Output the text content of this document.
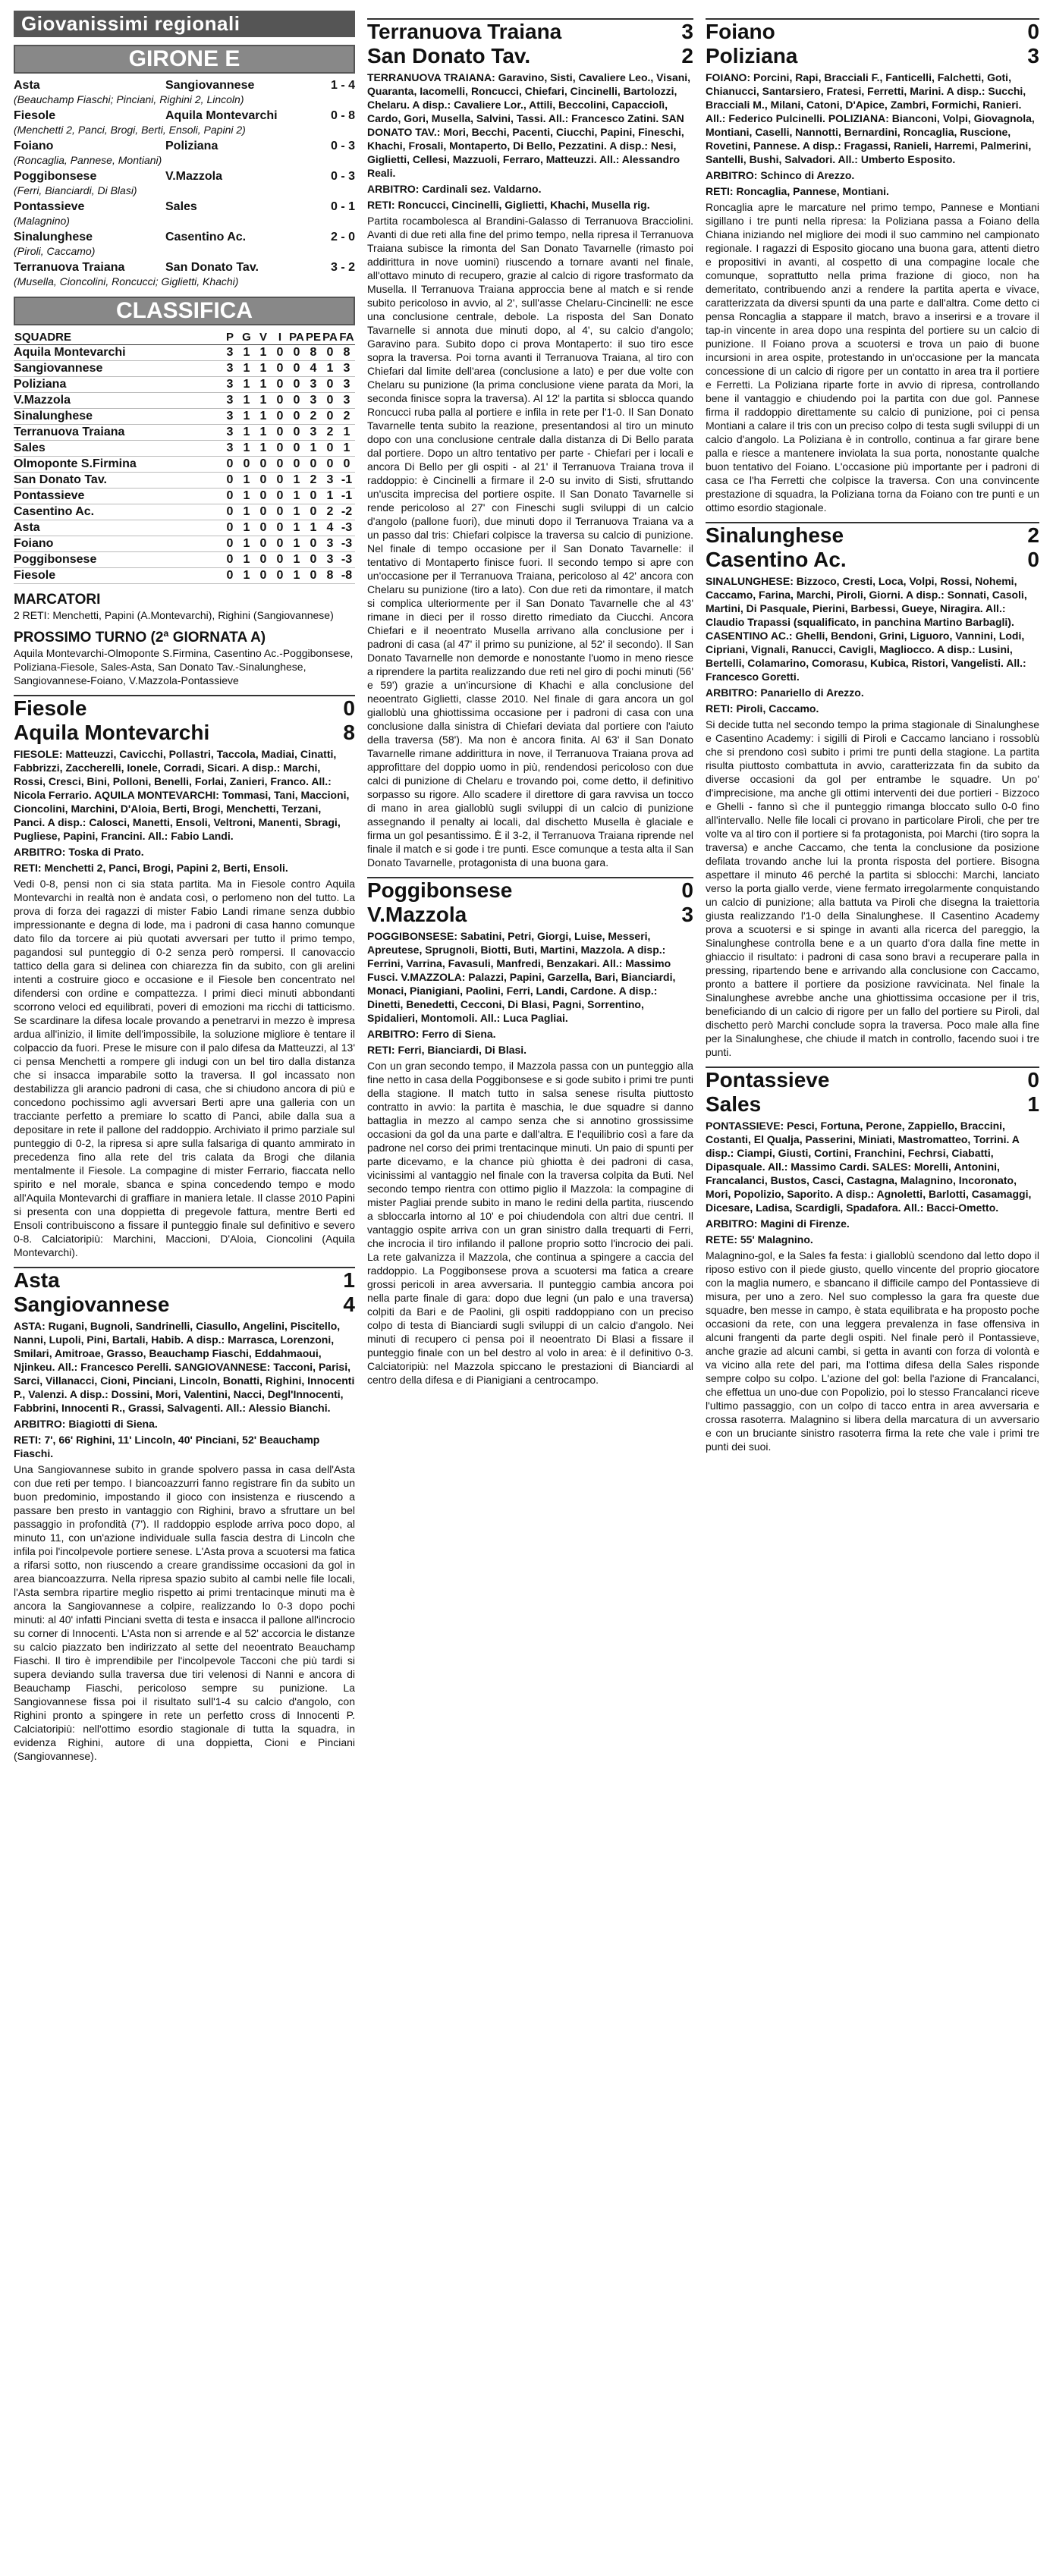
Giovanissimi regionali
GIRONE E
Asta	Sangiovannese	1 - 4
(Beauchamp Fiaschi; Pinciani, Righini 2, Lincoln)
Fiesole	Aquila Montevarchi	0 - 8
(Menchetti 2, Panci, Brogi, Berti, Ensoli, Papini 2)
Foiano	Poliziana	0 - 3
(Roncaglia, Pannese, Montiani)
Poggibonsese	V.Mazzola	0 - 3
(Ferri, Bianciardi, Di Blasi)
Pontassieve	Sales	0 - 1
(Malagnino)
Sinalunghese	Casentino Ac.	2 - 0
(Piroli, Caccamo)
Terranuova Traiana	San Donato Tav.	3 - 2
(Musella, Cioncolini, Roncucci; Giglietti, Khachi)
CLASSIFICA
SQUADRE	P	G	V	I	PA	PE	PA	FA
Aquila Montevarchi	3	1	1	0	0	8	0	8
Sangiovannese	3	1	1	0	0	4	1	3
Poliziana	3	1	1	0	0	3	0	3
V.Mazzola	3	1	1	0	0	3	0	3
Sinalunghese	3	1	1	0	0	2	0	2
Terranuova Traiana	3	1	1	0	0	3	2	1
Sales	3	1	1	0	0	1	0	1
Olmoponte S.Firmina	0	0	0	0	0	0	0	0
San Donato Tav.	0	1	0	0	1	2	3	-1
Pontassieve	0	1	0	0	1	0	1	-1
Casentino Ac.	0	1	0	0	1	0	2	-2
Asta	0	1	0	0	1	1	4	-3
Foiano	0	1	0	0	1	0	3	-3
Poggibonsese	0	1	0	0	1	0	3	-3
Fiesole	0	1	0	0	1	0	8	-8
MARCATORI
2 RETI: Menchetti, Papini (A.Montevarchi), Righini (Sangiovannese)
PROSSIMO TURNO (2ª GIORNATA A)
Aquila Montevarchi-Olmoponte S.Firmina, Casentino Ac.-Poggibonsese, Poliziana-Fiesole, Sales-Asta, San Donato Tav.-Sinalunghese, Sangiovannese-Foiano, V.Mazzola-Pontassieve
Fiesole	0
Aquila Montevarchi	8
FIESOLE: Matteuzzi, Cavicchi, Pollastri, Taccola, Madiai, Cinatti, Fabbrizzi, Zaccherelli, Ionele, Corradi, Sicari. A disp.: Marchi, Rossi, Cresci, Bini, Polloni, Benelli, Forlai, Zanieri, Franco. All.: Nicola Ferrario. AQUILA MONTEVARCHI: Tommasi, Tani, Maccioni, Cioncolini, Marchini, D'Aloia, Berti, Brogi, Menchetti, Terzani, Panci. A disp.: Calosci, Manetti, Ensoli, Veltroni, Manenti, Sbragi, Pugliese, Papini, Francini. All.: Fabio Landi.
ARBITRO: Toska di Prato.
RETI: Menchetti 2, Panci, Brogi, Papini 2, Berti, Ensoli.
Vedi 0-8, pensi non ci sia stata partita. Ma in Fiesole contro Aquila Montevarchi in realtà non è andata così, o perlomeno non del tutto. La prova di forza dei ragazzi di mister Fabio Landi rimane senza dubbio impressionante e degna di lode, ma i padroni di casa hanno comunque dato filo da torcere ai più quotati avversari per tutto il primo tempo, pagandosi sul punteggio di 0-2 senza però rompersi. Il canovaccio tattico della gara si delinea con chiarezza fin da subito, con gli arelini intenti a costruire gioco e occasione e il Fiesole ben concentrato nel difendersi con ordine e compattezza. I primi dieci minuti abbondanti scorrono veloci ed equilibrati, poveri di emozioni ma ricchi di tatticismo. Se scardinare la difesa locale provando a penetrarvi in mezzo è impresa ardua all'inizio, il limite dell'impossibile, la soluzione migliore è tentare il colpaccio da fuori. Prese le misure con il palo difesa da Matteuzzi, al 13' ci pensa Menchetti a rompere gli indugi con un bel tiro dalla distanza che si insacca imparabile sotto la traversa. Il gol incassato non destabilizza gli arancio padroni di casa, che si chiudono ancora di più e concedono pochissimo agli avversari Berti apre una galleria con un tracciante perfetto a premiare lo scatto di Panci, abile dalla sua a depositare in rete il pallone del raddoppio. Archiviato il primo parziale sul punteggio di 0-2, la ripresa si apre sulla falsariga di quanto ammirato in precedenza fino alla rete del tris calata da Brogi che dilania mentalmente il Fiesole. La compagine di mister Ferrario, fiaccata nello spirito e nel morale, sbanca e spina concedendo tempo e modo all'Aquila Montevarchi di graffiare in maniera letale. Il classe 2010 Papini si presenta con una doppietta di pregevole fattura, mentre Berti ed Ensoli contribuiscono a fissare il punteggio finale sul definitivo e severo 0-8. Calciatoripiù: Marchini, Maccioni, D'Aloia, Cioncolini (Aquila Montevarchi).
Asta	1
Sangiovannese	4
ASTA: Rugani, Bugnoli, Sandrinelli, Ciasullo, Angelini, Piscitello, Nanni, Lupoli, Pini, Bartali, Habib. A disp.: Marrasca, Lorenzoni, Smilari, Amitroae, Grasso, Beauchamp Fiaschi, Eddahmaoui, Njinkeu. All.: Francesco Perelli. SANGIOVANNESE: Tacconi, Parisi, Sarci, Villanacci, Cioni, Pinciani, Lincoln, Bonatti, Righini, Innocenti P., Valenzi. A disp.: Dossini, Mori, Valentini, Nacci, Degl'Innocenti, Fabbrini, Innocenti R., Grassi, Salvagenti. All.: Alessio Bianchi.
ARBITRO: Biagiotti di Siena.
RETI: 7', 66' Righini, 11' Lincoln, 40' Pinciani, 52' Beauchamp Fiaschi.
Una Sangiovannese subito in grande spolvero passa in casa dell'Asta con due reti per tempo. I biancoazzurri fanno registrare fin da subito un buon predominio, impostando il gioco con insistenza e riuscendo a passare ben presto in vantaggio con Righini, bravo a sfruttare un bel passaggio in profondità (7'). Il raddoppio esplode arriva poco dopo, al minuto 11, con un'azione individuale sulla fascia destra di Lincoln che infila poi l'incolpevole portiere senese. L'Asta prova a scuotersi ma fatica a rifarsi sotto, non riuscendo a creare grandissime occasioni da gol in area biancoazzurra. Nella ripresa spazio subito al cambi nelle file locali, l'Asta sembra ripartire meglio rispetto ai primi trentacinque minuti ma è ancora la Sangiovannese a colpire, realizzando lo 0-3 dopo pochi minuti: al 40' infatti Pinciani svetta di testa e insacca il pallone all'incrocio su corner di Innocenti. L'Asta non si arrende e al 52' accorcia le distanze su calcio piazzato ben indirizzato al sette del neoentrato Beauchamp Fiaschi. Il tiro è imprendibile per l'incolpevole Tacconi che più tardi si supera deviando sulla traversa due tiri velenosi di Nanni e ancora di Beauchamp Fiaschi, pericoloso sempre su punizione. La Sangiovannese fissa poi il risultato sull'1-4 su calcio d'angolo, con Righini pronto a spingere in rete un perfetto cross di Innocenti P. Calciatoripiù: nell'ottimo esordio stagionale di tutta la squadra, in evidenza Righini, autore di una doppietta, Cioni e Pinciani (Sangiovannese).
Terranuova Traiana	3
San Donato Tav.	2
TERRANUOVA TRAIANA: Garavino, Sisti, Cavaliere Leo., Visani, Quaranta, Iacomelli, Roncucci, Chiefari, Cincinelli, Bartolozzi, Chelaru. A disp.: Cavaliere Lor., Attili, Beccolini, Capacciolì, Cardo, Gori, Musella, Salvini, Tassi. All.: Francesco Zatini. SAN DONATO TAV.: Mori, Becchi, Pacenti, Ciucchi, Papini, Fineschi, Khachi, Frosali, Montaperto, Di Bello, Pezzatini. A disp.: Nesi, Giglietti, Cellesi, Mazzuoli, Ferraro, Matteuzzi. All.: Alessandro Reali.
ARBITRO: Cardinali sez. Valdarno.
RETI: Roncucci, Cincinelli, Giglietti, Khachi, Musella rig.
Partita rocambolesca al Brandini-Galasso di Terranuova Bracciolini. Avanti di due reti alla fine del primo tempo, nella ripresa il Terranuova Traiana subisce la rimonta del San Donato Tavarnelle (rimasto poi addirittura in nove uomini) riuscendo a tornare avanti nel finale, all'ottavo minuto di recupero, grazie al calcio di rigore trasformato da Musella. Il Terranuova Traiana approccia bene al match e si rende subito pericoloso in avvio, al 2', sull'asse Chelaru-Cincinelli: ne esce una conclusione centrale, debole. La risposta del San Donato Tavarnelle si annota due minuti dopo, al 4', su calcio d'angolo; Garavino para. Subito dopo ci prova Montaperto: il suo tiro esce sopra la traversa. Poi torna avanti il Terranuova Traiana, al tiro con Chiefari dal limite dell'area (conclusione a lato) e per due volte con Chelaru su punizione (la prima conclusione viene parata da Mori, la seconda finisce sopra la traversa). Al 12' la partita si sblocca quando Roncucci ruba palla al portiere e infila in rete per l'1-0. Il San Donato Tavarnelle tenta subito la reazione, presentandosi al tiro un minuto dopo con una conclusione centrale dalla distanza di Di Bello parata dal portiere. Dopo un altro tentativo per parte - Chiefari per i locali e ancora Di Bello per gli ospiti - al 21' il Terranuova Traiana trova il raddoppio: è Cincinelli a firmare il 2-0 su invito di Sisti, sfruttando un'uscita imprecisa del portiere ospite. Il San Donato Tavarnelle si rende pericoloso al 27' con Fineschi sugli sviluppi di un calcio d'angolo (pallone fuori), due minuti dopo il Terranuova Traiana va a un passo dal tris: Chiefari colpisce la traversa su calcio di punizione. Nel finale di tempo occasione per il San Donato Tavarnelle: il tentativo di Montaperto finisce fuori. Il secondo tempo si apre con un'occasione per il Terranuova Traiana, pericoloso al 42' ancora con Chelaru su punizione (tiro a lato). Con due reti da rimontare, il match si complica ulteriormente per il San Donato Tavarnelle che al 43' rimane in dieci per il rosso diretto rimediato da Ciucchi. Ancora Chiefari e il neoentrato Musella arrivano alla conclusione per i padroni di casa (al 47' il primo su punizione, al 52' il secondo). Il San Donato Tavarnelle non demorde e nonostante l'uomo in meno riesce a riprendere la partita realizzando due reti nel giro di pochi minuti (56' e 59') grazie a un'incursione di Khachi e alla conclusione del neoentrato Giglietti, classe 2010. Nel finale di gara ancora un gol gialloblù una ghiottissima occasione per i padroni di casa con una conclusione dalla sinistra di Chiefari deviata dal portiere con l'aiuto della traversa (58'). Ma non è ancora finita. Al 63' il San Donato Tavarnelle rimane addirittura in nove, il Terranuova Traiana prova ad approfittare del doppio uomo in più, rendendosi pericoloso con due calci di punizione di Chelaru e trovando poi, come detto, il definitivo sorpasso su rigore. Allo scadere il direttore di gara ravvisa un tocco di mano in area gialloblù sugli sviluppi di un calcio di punizione assegnando il penalty ai locali, dal dischetto Musella è glaciale e firma un gol pesantissimo. È il 3-2, il Terranuova Traiana riprende nel finale il match e si gode i tre punti. Esce comunque a testa alta il San Donato Tavarnelle, protagonista di una buona gara.
Poggibonsese	0
V.Mazzola	3
POGGIBONSESE: Sabatini, Petri, Giorgi, Luise, Messeri, Apreutese, Sprugnoli, Biotti, Buti, Martini, Mazzola. A disp.: Ferrini, Varrina, Favasuli, Manfredi, Benzakari. All.: Massimo Fusci. V.MAZZOLA: Palazzi, Papini, Garzella, Bari, Bianciardi, Monaci, Pianigiani, Paolini, Ferri, Landi, Cardone. A disp.: Dinetti, Benedetti, Cecconi, Di Blasi, Pagni, Sorrentino, Spidalieri, Montomoli. All.: Luca Pagliai.
ARBITRO: Ferro di Siena.
RETI: Ferri, Bianciardi, Di Blasi.
Con un gran secondo tempo, il Mazzola passa con un punteggio alla fine netto in casa della Poggibonsese e si gode subito i primi tre punti della stagione. Il match tutto in salsa senese risulta piuttosto contratto in avvio: la partita è maschia, le due squadre si danno battaglia in mezzo al campo senza che si annotino grossissime occasioni da gol da una parte e dall'altra. E l'equilibrio così a fare da padrone nel corso dei primi trentacinque minuti. Un paio di spunti per parte dicevamo, e la chance più ghiotta è dei padroni di casa, vicinissimi al vantaggio nel finale con la traversa colpita da Buti. Nel secondo tempo rientra con ottimo piglio il Mazzola: la compagine di mister Pagliai prende subito in mano le redini della partita, riuscendo a sbloccarla intorno al 10' e poi chiudendola con altri due centri. Il vantaggio ospite arriva con un gran sinistro dalla trequarti di Ferri, che incrocia il tiro infilando il pallone proprio sotto l'incrocio dei pali. La rete galvanizza il Mazzola, che continua a spingere a caccia del raddoppio. La Poggibonsese prova a scuotersi ma fatica a creare grossi pericoli in area avversaria. Il punteggio cambia ancora poi nella parte finale di gara: dopo due legni (un palo e una traversa) colpiti da Bari e de Paolini, gli ospiti raddoppiano con un preciso colpo di testa di Bianciardi sugli sviluppi di un calcio d'angolo. Nei minuti di recupero ci pensa poi il neoentrato Di Blasi a fissare il punteggio finale con un bel destro al volo in area: è il definitivo 0-3. Calciatoripiù: nel Mazzola spiccano le prestazioni di Bianciardi al centro della difesa e di Pianigiani a centrocampo.
Foiano	0
Poliziana	3
FOIANO: Porcini, Rapi, Bracciali F., Fanticelli, Falchetti, Goti, Chianucci, Santarsiero, Fratesi, Ferretti, Marini. A disp.: Succhi, Bracciali M., Milani, Catoni, D'Apice, Zambri, Formichi, Ranieri. All.: Federico Pulcinelli. POLIZIANA: Bianconi, Volpi, Giovagnola, Montiani, Caselli, Nannotti, Bernardini, Roncaglia, Ruscione, Rovetini, Pannese. A disp.: Fragassi, Ranieli, Harremi, Palmerini, Santelli, Bushi, Salvadori. All.: Umberto Esposito.
ARBITRO: Schinco di Arezzo.
RETI: Roncaglia, Pannese, Montiani.
Roncaglia apre le marcature nel primo tempo, Pannese e Montiani sigillano i tre punti nella ripresa: la Poliziana passa a Foiano della Chiana iniziando nel migliore dei modi il suo cammino nel campionato regionale. I ragazzi di Esposito giocano una buona gara, attenti dietro e propositivi in avanti, al cospetto di una compagine locale che comunque, soprattutto nella prima frazione di gioco, non ha demeritato, contribuendo anzi a rendere la partita aperta e vivace, caratterizzata da diversi spunti da una parte e dall'altra. Come detto ci pensa Roncaglia a stappare il match, bravo a inserirsi e a trovare il tap-in vincente in area dopo una respinta del portiere su un calcio di punizione. Il Foiano prova a scuotersi e trova un paio di buone incursioni in area ospite, protestando in un'occasione per la mancata concessione di un calcio di rigore per un contatto in area tra il portiere e Ferretti. La Poliziana riparte forte in avvio di ripresa, controllando bene il vantaggio e chiudendo poi la partita con due gol. Pannese firma il raddoppio direttamente su calcio di punizione, poi ci pensa Montiani a calare il tris con un preciso colpo di testa sugli sviluppi di un calcio d'angolo. La Poliziana è in controllo, continua a far girare bene palla e riesce a mantenere inviolata la sua porta, nonostante qualche buon tentativo del Foiano. L'occasione più importante per i padroni di casa ce l'ha Ferretti che colpisce la traversa. Con una convincente prestazione di squadra, la Poliziana torna da Foiano con tre punti e un ottimo esordio stagionale.
Sinalunghese	2
Casentino Ac.	0
SINALUNGHESE: Bizzoco, Cresti, Loca, Volpi, Rossi, Nohemi, Caccamo, Farina, Marchi, Piroli, Giorni. A disp.: Sonnati, Casoli, Martini, Di Pasquale, Pierini, Barbessi, Gueye, Niragira. All.: Claudio Trapassi (squalificato, in panchina Martino Barbagli). CASENTINO AC.: Ghelli, Bendoni, Grini, Liguoro, Vannini, Lodi, Cipriani, Vignali, Ranucci, Cavigli, Magliocco. A disp.: Lusini, Bertelli, Colamarino, Comorasu, Kubica, Ristori, Vangelisti. All.: Francesco Goretti.
ARBITRO: Panariello di Arezzo.
RETI: Piroli, Caccamo.
Si decide tutta nel secondo tempo la prima stagionale di Sinalunghese e Casentino Academy: i sigilli di Piroli e Caccamo lanciano i rossoblù che si prendono così subito i primi tre punti della stagione. La partita risulta piuttosto combattuta in avvio, caratterizzata fin da subito da diverse occasioni da gol per entrambe le squadre. Un po' d'imprecisione, ma anche gli ottimi interventi dei due portieri - Bizzoco e Ghelli - fanno sì che il punteggio rimanga bloccato sullo 0-0 fino all'intervallo. Nelle file locali ci provano in particolare Piroli, che per tre volte va al tiro con il portiere si fa protagonista, poi Marchi (tiro sopra la traversa) e anche Caccamo, che tenta la conclusione da posizione defilata trovando anche lui la pronta risposta del portiere. Bisogna aspettare il minuto 46 perché la partita si sblocchi: Marchi, lanciato verso la porta giallo verde, viene fermato irregolarmente conquistando un calcio di punizione; alla battuta va Piroli che disegna la traiettoria giusta realizzando l'1-0 della Sinalunghese. Il Casentino Academy prova a scuotersi e si spinge in avanti alla ricerca del pareggio, la Sinalunghese controlla bene e a un quarto d'ora dalla fine mette in ghiaccio il risultato: i padroni di casa sono bravi a recuperare palla in pressing, ripartendo bene e arrivando alla conclusione con Caccamo, pronto a battere il portiere da posizione ravvicinata. Nel finale la Sinalunghese avrebbe anche una ghiottissima occasione per il tris, beneficiando di un calcio di rigore per un fallo del portiere su Piroli, dal dischetto però Marchi conclude sopra la traversa. Poco male alla fine per la Sinalunghese, che chiude il match in controllo, facendo suoi i tre punti.
Pontassieve	0
Sales	1
PONTASSIEVE: Pesci, Fortuna, Perone, Zappiello, Braccini, Costanti, El Qualja, Passerini, Miniati, Mastromatteo, Torrini. A disp.: Ciampi, Giusti, Cortini, Franchini, Fechrsi, Ciabatti, Dipasquale. All.: Massimo Cardi. SALES: Morelli, Antonini, Francalanci, Bustos, Casci, Castagna, Malagnino, Incoronato, Mori, Popolizio, Saporito. A disp.: Agnoletti, Barlotti, Casamaggi, Dicesare, Ladisa, Scardigli, Spadafora. All.: Bacci-Ometto.
ARBITRO: Magini di Firenze.
RETE: 55' Malagnino.
Malagnino-gol, e la Sales fa festa: i gialloblù scendono dal letto dopo il riposo estivo con il piede giusto, quello vincente del proprio giocatore con la maglia numero, e sbancano il difficile campo del Pontassieve di misura, per uno a zero. Nel suo complesso la gara fra queste due squadre, ben messe in campo, è stata equilibrata e ha proposto poche occasioni da rete, con una leggera prevalenza in fase offensiva in alcuni frangenti da parte degli ospiti. Nel finale però il Pontassieve, anche grazie ad alcuni cambi, si getta in avanti con forza di volontà e va vicino alla rete del pari, ma l'ottima difesa della Sales risponde sempre colpo su colpo. L'azione del gol: bella l'azione di Francalanci, che effettua un uno-due con Popolizio, poi lo stesso Francalanci riceve l'ultimo passaggio, con un colpo di tacco entra in area avversaria e crossa rasoterra. Malagnino si libera della marcatura di un avversario e con un bruciante sinistro rasoterra firma la rete che vale i primi tre punti dei suoi.
